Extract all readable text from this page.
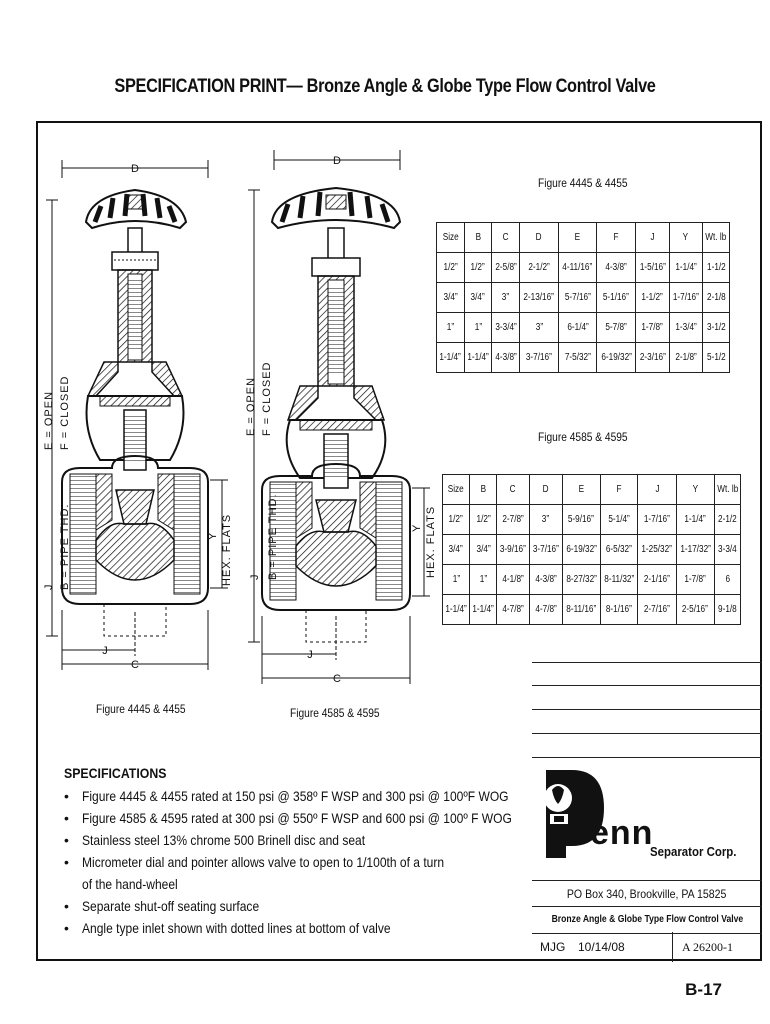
SPECIFICATION PRINT— Bronze Angle & Globe Type Flow Control Valve
D
D
C
C
J	J
E = OPEN F = CLOSED
J B = PIPE THD.	Y HEX. FLATS
E = OPEN F = CLOSED
J B = PIPE THD.	Y HEX. FLATS
Figure 4445 & 4455	Figure 4585 & 4595
Figure 4445 & 4455
Size	B	C	D	E	F	J	Y	Wt. lb
1/2”	1/2”	2-5/8”	2-1/2”	4-11/16”	4-3/8”	1-5/16”	1-1/4”	1-1/2
3/4”	3/4”	3”	2-13/16”	5-7/16”	5-1/16”	1-1/2”	1-7/16”	2-1/8
1”	1”	3-3/4”	3”	6-1/4”	5-7/8”	1-7/8”	1-3/4”	3-1/2
1-1/4”	1-1/4”	4-3/8”	3-7/16”	7-5/32”	6-19/32”	2-3/16”	2-1/8”	5-1/2
Figure 4585 & 4595
Size	B	C	D	E	F	J	Y	Wt. lb
1/2”	1/2”	2-7/8”	3”	5-9/16”	5-1/4”	1-7/16”	1-1/4”	2-1/2
3/4”	3/4”	3-9/16”	3-7/16”	6-19/32”	6-5/32”	1-25/32”	1-17/32”	3-3/4
1”	1”	4-1/8”	4-3/8”	8-27/32”	8-11/32”	2-1/16”	1-7/8”	6
1-1/4”	1-1/4”	4-7/8”	4-7/8”	8-11/16”	8-1/16”	2-7/16”	2-5/16”	9-1/8
SPECIFICATIONS
• Figure 4445 & 4455 rated at 150 psi @ 358º F WSP and 300 psi @ 100ºF WOG
• Figure 4585 & 4595 rated at 300 psi @ 550º F WSP and 600 psi @ 100º F WOG
• Stainless steel 13% chrome 500 Brinell disc and seat
• Micrometer dial and pointer allows valve to open to 1/100th of a turn of the hand-wheel
• Separate shut-off seating surface
• Angle type inlet shown with dotted lines at bottom of valve
enn
Separator Corp.
PO Box 340, Brookville, PA 15825
Bronze Angle & Globe Type Flow Control Valve
MJG 10/14/08	A 26200-1
B-17
